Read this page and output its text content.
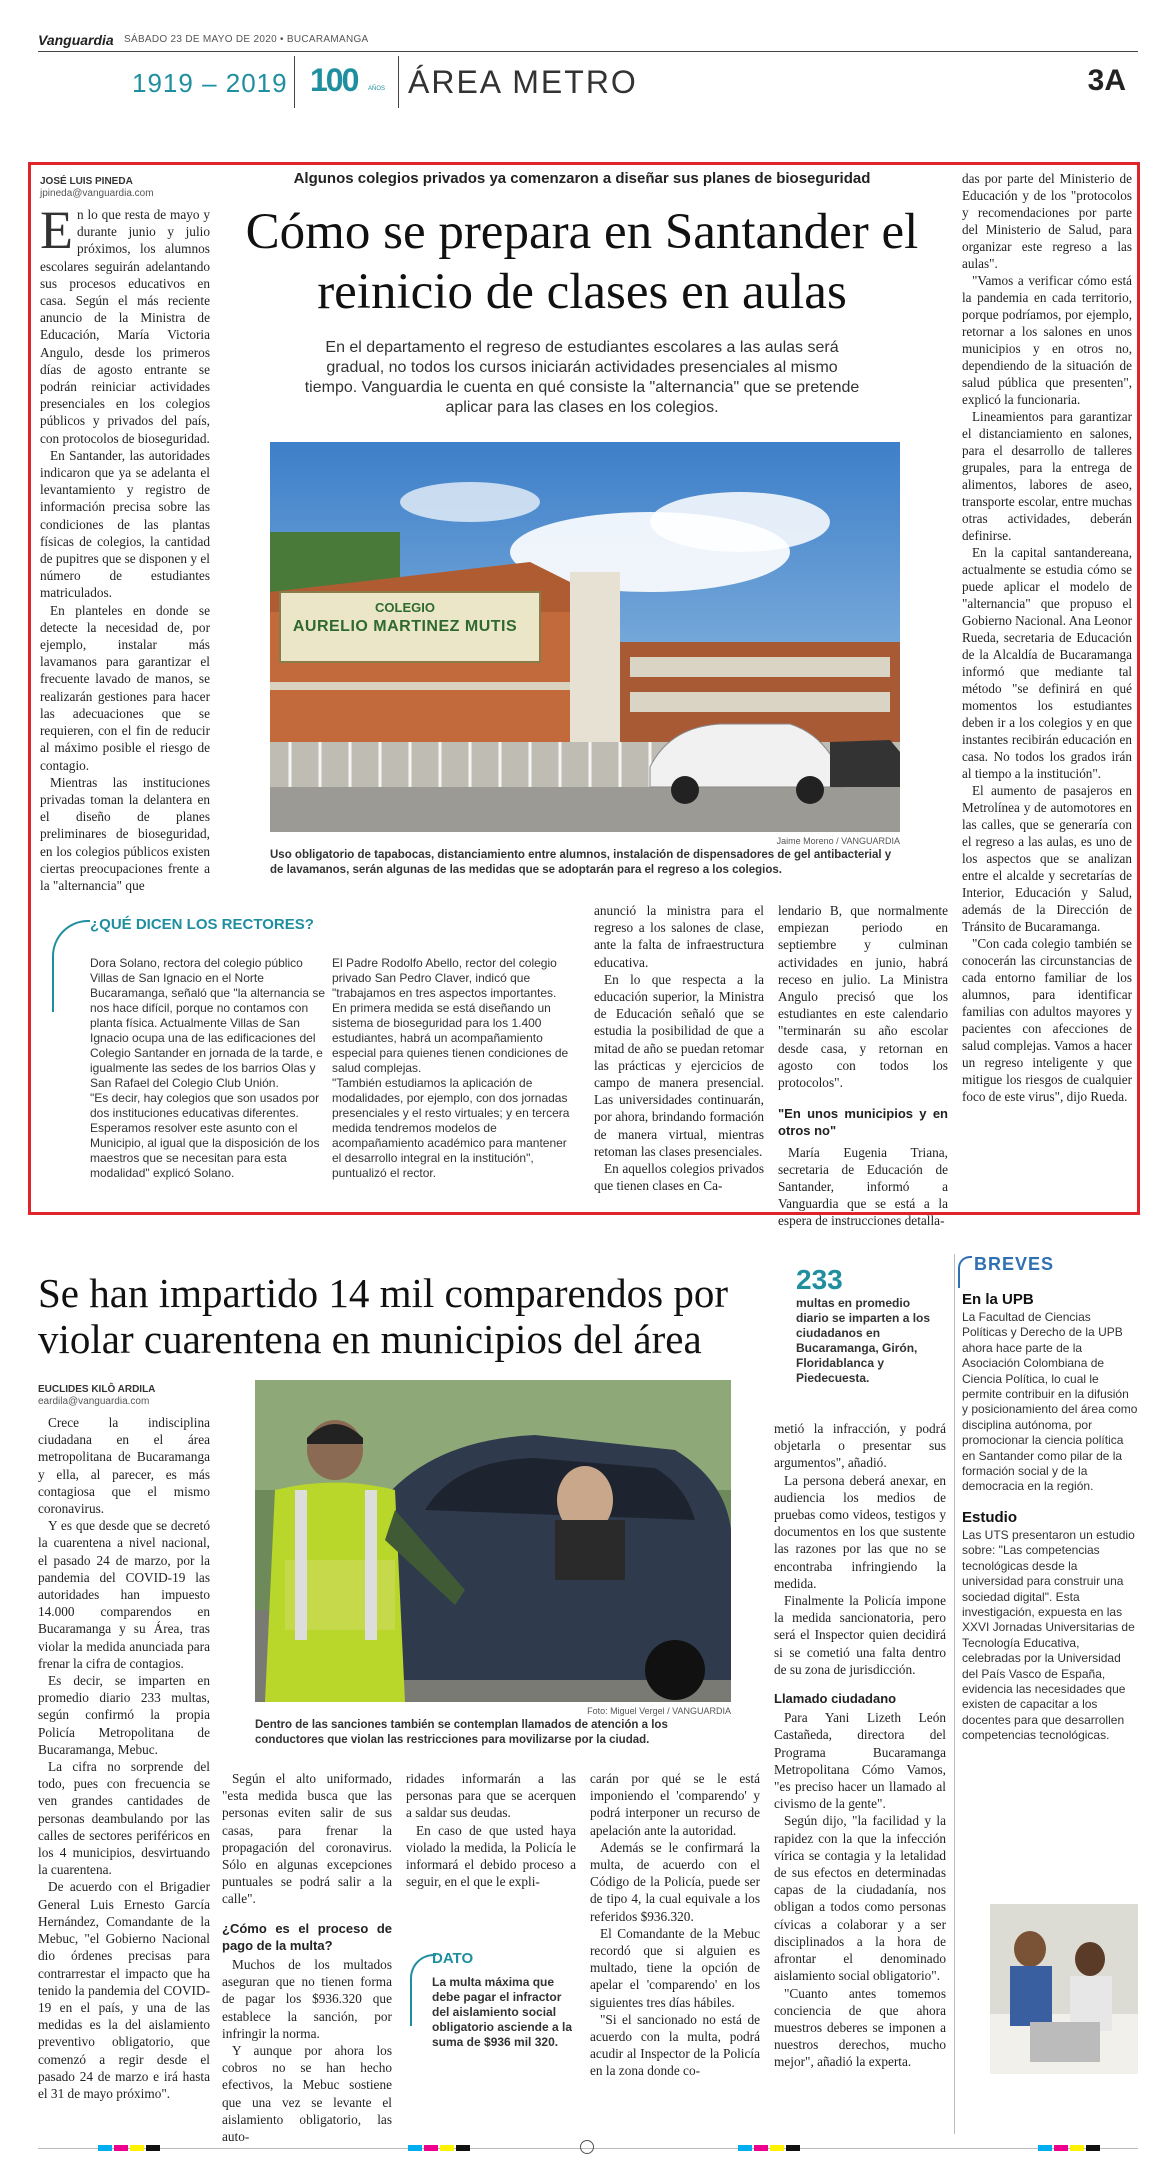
Vanguardia SÁBADO 23 DE MAYO DE 2020 • BUCARAMANGA
1919 – 2019 100 AÑOS ÁREA METRO	3A
JOSÉ LUIS PINEDA
jpineda@vanguardia.com

En lo que resta de mayo y durante junio y julio próximos, los alumnos escolares seguirán adelantando sus procesos educativos en casa. Según el más reciente anuncio de la Ministra de Educación, María Victoria Angulo, desde los primeros días de agosto entrante se podrán reiniciar actividades presenciales en los colegios públicos y privados del país, con protocolos de bioseguridad.

En Santander, las autoridades indicaron que ya se adelanta el levantamiento y registro de información precisa sobre las condiciones de las plantas físicas de colegios, la cantidad de pupitres que se disponen y el número de estudiantes matriculados.

En planteles en donde se detecte la necesidad de, por ejemplo, instalar más lavamanos para garantizar el frecuente lavado de manos, se realizarán gestiones para hacer las adecuaciones que se requieren, con el fin de reducir al máximo posible el riesgo de contagio.

Mientras las instituciones privadas toman la delantera en el diseño de planes preliminares de bioseguridad, en los colegios públicos existen ciertas preocupaciones frente a la "alternancia" que

Algunos colegios privados ya comenzaron a diseñar sus planes de bioseguridad
Cómo se prepara en Santander el reinicio de clases en aulas
En el departamento el regreso de estudiantes escolares a las aulas será gradual, no todos los cursos iniciarán actividades presenciales al mismo tiempo. Vanguardia le cuenta en qué consiste la "alternancia" que se pretende aplicar para las clases en los colegios.
COLEGIO
AURELIO MARTINEZ MUTIS
Jaime Moreno / VANGUARDIA
Uso obligatorio de tapabocas, distanciamiento entre alumnos, instalación de dispensadores de gel antibacterial y de lavamanos, serán algunas de las medidas que se adoptarán para el regreso a los colegios.
¿QUÉ DICEN LOS RECTORES?

Dora Solano, rectora del colegio público Villas de San Ignacio en el Norte Bucaramanga, señaló que "la alternancia se nos hace difícil, porque no contamos con planta física. Actualmente Villas de San Ignacio ocupa una de las edificaciones del Colegio Santander en jornada de la tarde, e igualmente las sedes de los barrios Olas y San Rafael del Colegio Club Unión.

"Es decir, hay colegios que son usados por dos instituciones educativas diferentes. Esperamos resolver este asunto con el Municipio, al igual que la disposición de los maestros que se necesitan para esta modalidad" explicó Solano.

El Padre Rodolfo Abello, rector del colegio privado San Pedro Claver, indicó que "trabajamos en tres aspectos importantes. En primera medida se está diseñando un sistema de bioseguridad para los 1.400 estudiantes, habrá un acompañamiento especial para quienes tienen condiciones de salud complejas.

"También estudiamos la aplicación de modalidades, por ejemplo, con dos jornadas presenciales y el resto virtuales; y en tercera medida tendremos modelos de acompañamiento académico para mantener el desarrollo integral en la institución", puntualizó el rector.

anunció la ministra para el regreso a los salones de clase, ante la falta de infraestructura educativa.

En lo que respecta a la educación superior, la Ministra de Educación señaló que se estudia la posibilidad de que a mitad de año se puedan retomar las prácticas y ejercicios de campo de manera presencial. Las universidades continuarán, por ahora, brindando formación de manera virtual, mientras retoman las clases presenciales.

En aquellos colegios privados que tienen clases en Ca-

lendario B, que normalmente empiezan periodo en septiembre y culminan actividades en junio, habrá receso en julio. La Ministra Angulo precisó que los estudiantes en este calendario "terminarán su año escolar desde casa, y retornan en agosto con todos los protocolos".

"En unos municipios y en otros no"

María Eugenia Triana, secretaria de Educación de Santander, informó a Vanguardia que se está a la espera de instrucciones detalla-

das por parte del Ministerio de Educación y de los "protocolos y recomendaciones por parte del Ministerio de Salud, para organizar este regreso a las aulas".

"Vamos a verificar cómo está la pandemia en cada territorio, porque podríamos, por ejemplo, retornar a los salones en unos municipios y en otros no, dependiendo de la situación de salud pública que presenten", explicó la funcionaria.

Lineamientos para garantizar el distanciamiento en salones, para el desarrollo de talleres grupales, para la entrega de alimentos, labores de aseo, transporte escolar, entre muchas otras actividades, deberán definirse.

En la capital santandereana, actualmente se estudia cómo se puede aplicar el modelo de "alternancia" que propuso el Gobierno Nacional. Ana Leonor Rueda, secretaria de Educación de la Alcaldía de Bucaramanga informó que mediante tal método "se definirá en qué momentos los estudiantes deben ir a los colegios y en que instantes recibirán educación en casa. No todos los grados irán al tiempo a la institución".

El aumento de pasajeros en Metrolínea y de automotores en las calles, que se generaría con el regreso a las aulas, es uno de los aspectos que se analizan entre el alcalde y secretarías de Interior, Educación y Salud, además de la Dirección de Tránsito de Bucaramanga.

"Con cada colegio también se conocerán las circunstancias de cada entorno familiar de los alumnos, para identificar familias con adultos mayores y pacientes con afecciones de salud complejas. Vamos a hacer un regreso inteligente y que mitigue los riesgos de cualquier foco de este virus", dijo Rueda.

Se han impartido 14 mil comparendos por violar cuarentena en municipios del área
233
multas en promedio diario se imparten a los ciudadanos en Bucaramanga, Girón, Floridablanca y Piedecuesta.
EUCLIDES KILÔ ARDILA
eardila@vanguardia.com

Crece la indisciplina ciudadana en el área metropolitana de Bucaramanga y ella, al parecer, es más contagiosa que el mismo coronavirus.

Y es que desde que se decretó la cuarentena a nivel nacional, el pasado 24 de marzo, por la pandemia del COVID-19 las autoridades han impuesto 14.000 comparendos en Bucaramanga y su Área, tras violar la medida anunciada para frenar la cifra de contagios.

Es decir, se imparten en promedio diario 233 multas, según confirmó la propia Policía Metropolitana de Bucaramanga, Mebuc.

La cifra no sorprende del todo, pues con frecuencia se ven grandes cantidades de personas deambulando por las calles de sectores periféricos en los 4 municipios, desvirtuando la cuarentena.

De acuerdo con el Brigadier General Luis Ernesto García Hernández, Comandante de la Mebuc, "el Gobierno Nacional dio órdenes precisas para contrarrestar el impacto que ha tenido la pandemia del COVID-19 en el país, y una de las medidas es la del aislamiento preventivo obligatorio, que comenzó a regir desde el pasado 24 de marzo e irá hasta el 31 de mayo próximo".

Foto: Miguel Vergel / VANGUARDIA
Dentro de las sanciones también se contemplan llamados de atención a los conductores que violan las restricciones para movilizarse por la ciudad.

Según el alto uniformado, "esta medida busca que las personas eviten salir de sus casas, para frenar la propagación del coronavirus. Sólo en algunas excepciones puntuales se podrá salir a la calle".

¿Cómo es el proceso de pago de la multa?

Muchos de los multados aseguran que no tienen forma de pagar los $936.320 que establece la sanción, por infringir la norma.

Y aunque por ahora los cobros no se han hecho efectivos, la Mebuc sostiene que una vez se levante el aislamiento obligatorio, las auto-

ridades informarán a las personas para que se acerquen a saldar sus deudas.

En caso de que usted haya violado la medida, la Policía le informará el debido proceso a seguir, en el que le expli-

DATO
La multa máxima que debe pagar el infractor del aislamiento social obligatorio asciende a la suma de $936 mil 320.

carán por qué se le está imponiendo el 'comparendo' y podrá interponer un recurso de apelación ante la autoridad.

Además se le confirmará la multa, de acuerdo con el Código de la Policía, puede ser de tipo 4, la cual equivale a los referidos $936.320.

El Comandante de la Mebuc recordó que si alguien es multado, tiene la opción de apelar el 'comparendo' en los siguientes tres días hábiles.

"Si el sancionado no está de acuerdo con la multa, podrá acudir al Inspector de la Policía en la zona donde co-

metió la infracción, y podrá objetarla o presentar sus argumentos", añadió.

La persona deberá anexar, en audiencia los medios de pruebas como videos, testigos y documentos en los que sustente las razones por las que no se encontraba infringiendo la medida.

Finalmente la Policía impone la medida sancionatoria, pero será el Inspector quien decidirá si se cometió una falta dentro de su zona de jurisdicción.

Llamado ciudadano

Para Yani Lizeth León Castañeda, directora del Programa Bucaramanga Metropolitana Cómo Vamos, "es preciso hacer un llamado al civismo de la gente".

Según dijo, "la facilidad y la rapidez con la que la infección vírica se contagia y la letalidad de sus efectos en determinadas capas de la ciudadanía, nos obligan a todos como personas cívicas a colaborar y a ser disciplinados a la hora de afrontar el denominado aislamiento social obligatorio".

"Cuanto antes tomemos conciencia de que ahora muestros deberes se imponen a nuestros derechos, mucho mejor", añadió la experta.

BREVES
En la UPB
La Facultad de Ciencias Políticas y Derecho de la UPB ahora hace parte de la Asociación Colombiana de Ciencia Política, lo cual le permite contribuir en la difusión y posicionamiento del área como disciplina autónoma, por promocionar la ciencia política en Santander como pilar de la formación social y de la democracia en la región.
Estudio
Las UTS presentaron un estudio sobre: "Las competencias tecnológicas desde la universidad para construir una sociedad digital". Esta investigación, expuesta en las XXVI Jornadas Universitarias de Tecnología Educativa, celebradas por la Universidad del País Vasco de España, evidencia las necesidades que existen de capacitar a los docentes para que desarrollen competencias tecnológicas.
